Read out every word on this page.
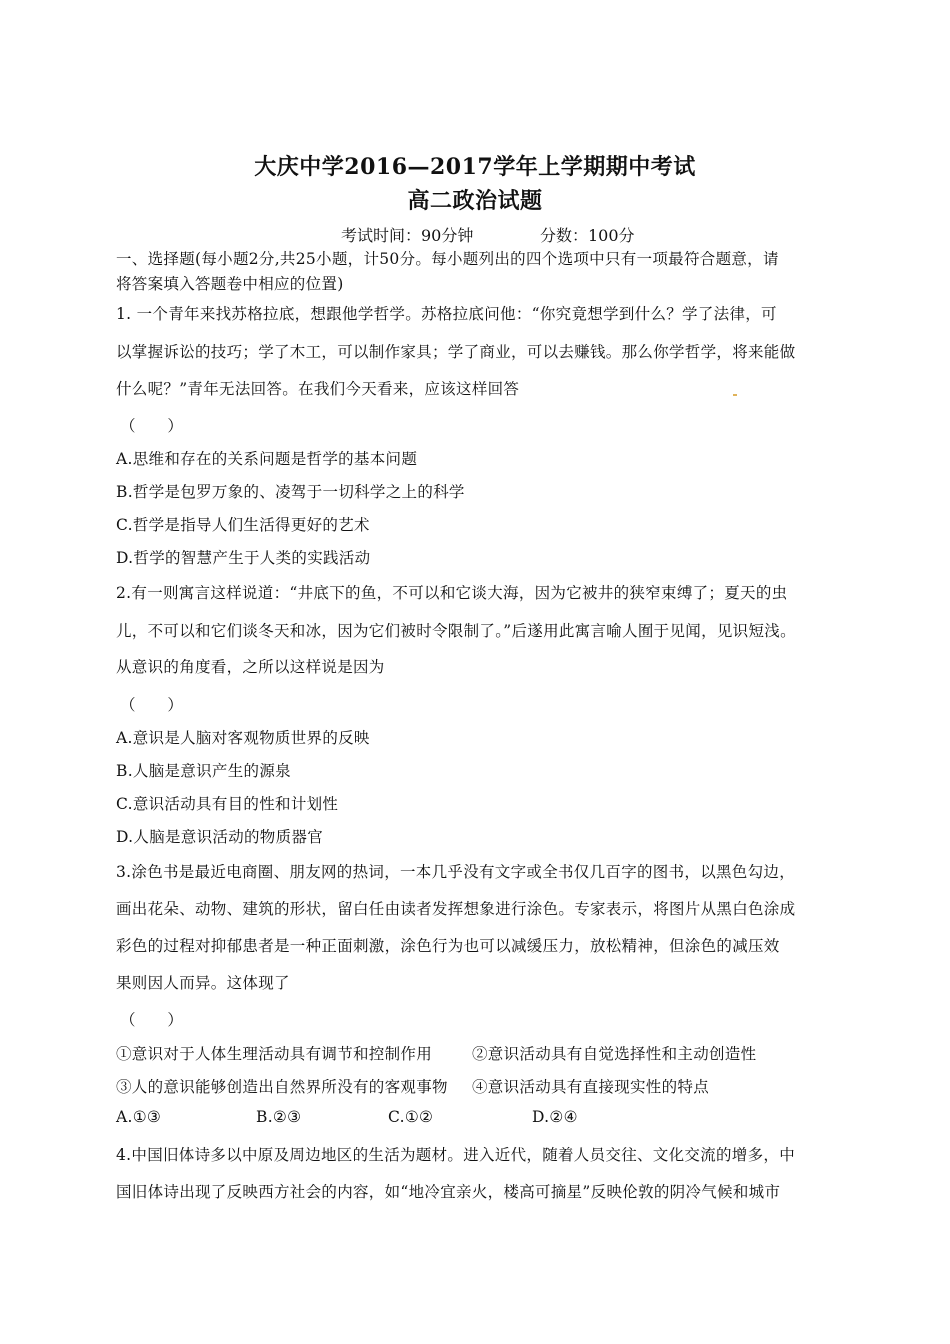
大庆中学2016—2017学年上学期期中考试
高二政治试题
考试时间：90分钟	分数：100分
一、选择题(每小题2分,共25小题，计50分。每小题列出的四个选项中只有一项最符合题意，请
将答案填入答题卷中相应的位置)
1. 一个青年来找苏格拉底，想跟他学哲学。苏格拉底问他：“你究竟想学到什么？学了法律，可
以掌握诉讼的技巧；学了木工，可以制作家具；学了商业，可以去赚钱。那么你学哲学，将来能做
什么呢？”青年无法回答。在我们今天看来，应该这样回答
（　　）
A.思维和存在的关系问题是哲学的基本问题
B.哲学是包罗万象的、凌驾于一切科学之上的科学
C.哲学是指导人们生活得更好的艺术
D.哲学的智慧产生于人类的实践活动
2.有一则寓言这样说道：“井底下的鱼，不可以和它谈大海，因为它被井的狭窄束缚了；夏天的虫
儿，不可以和它们谈冬天和冰，因为它们被时令限制了。”后遂用此寓言喻人囿于见闻，见识短浅。
从意识的角度看，之所以这样说是因为
（　　）
A.意识是人脑对客观物质世界的反映
B.人脑是意识产生的源泉
C.意识活动具有目的性和计划性
D.人脑是意识活动的物质器官
3.涂色书是最近电商圈、朋友网的热词，一本几乎没有文字或全书仅几百字的图书，以黑色勾边，
画出花朵、动物、建筑的形状，留白任由读者发挥想象进行涂色。专家表示，将图片从黑白色涂成
彩色的过程对抑郁患者是一种正面刺激，涂色行为也可以减缓压力，放松精神，但涂色的减压效
果则因人而异。这体现了
（　　）
①意识对于人体生理活动具有调节和控制作用	②意识活动具有自觉选择性和主动创造性
③人的意识能够创造出自然界所没有的客观事物 ④意识活动具有直接现实性的特点
A.①③	B.②③	C.①②	D.②④
4.中国旧体诗多以中原及周边地区的生活为题材。进入近代，随着人员交往、文化交流的增多，中
国旧体诗出现了反映西方社会的内容，如“地冷宜亲火，楼高可摘星”反映伦敦的阴冷气候和城市
